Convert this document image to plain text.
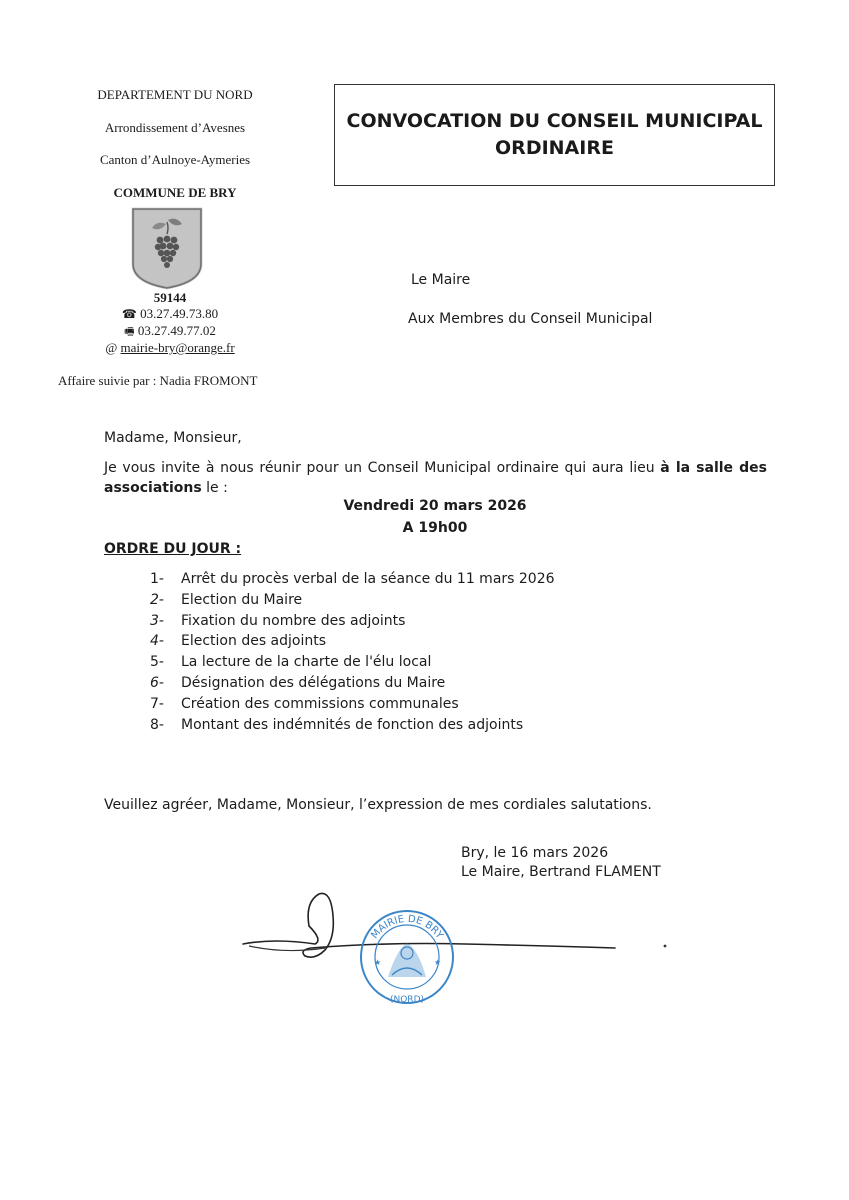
DEPARTEMENT DU NORD
Arrondissement d’Avesnes
Canton d’Aulnoye-Aymeries
COMMUNE DE BRY
59144
☎ 03.27.49.73.80
🖷 03.27.49.77.02
@ mairie-bry@orange.fr
Affaire suivie par : Nadia FROMONT
CONVOCATION DU CONSEIL MUNICIPAL
ORDINAIRE
Le Maire
Aux Membres du Conseil Municipal
Madame, Monsieur,
Je vous invite à nous réunir pour un Conseil Municipal ordinaire qui aura lieu à la salle des associations le :
Vendredi 20 mars 2026
A 19h00
ORDRE DU JOUR :
1- Arrêt du procès verbal de la séance du 11 mars 2026
2- Election du Maire
3- Fixation du nombre des adjoints
4- Election des adjoints
5- La lecture de la charte de l'élu local
6- Désignation des délégations du Maire
7- Création des commissions communales
8- Montant des indémnités de fonction des adjoints
Veuillez agréer, Madame, Monsieur, l’expression de mes cordiales salutations.
Bry, le 16 mars 2026
Le Maire, Bertrand FLAMENT
MAIRIE DE BRY
(NORD)
★	★
